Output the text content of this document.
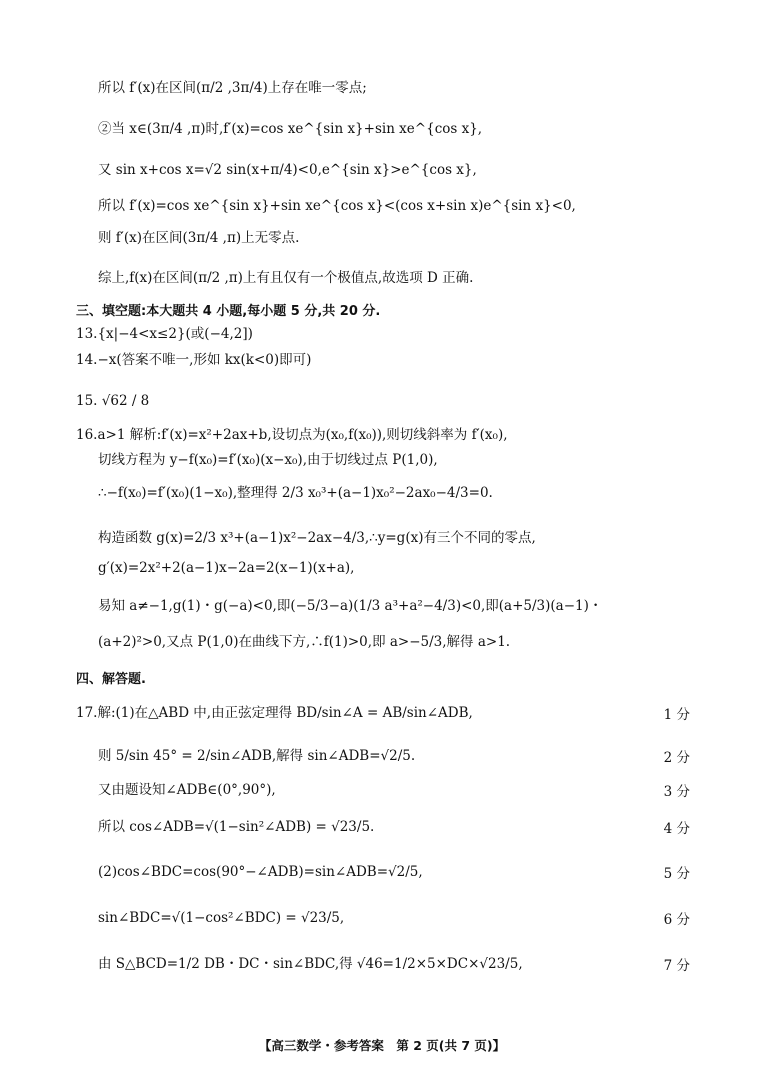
所以 f′(x)在区间(π/2 ,3π/4)上存在唯一零点;
②当 x∈(3π/4 ,π)时,f′(x)=cos xe^{sin x}+sin xe^{cos x},
又 sin x+cos x=√2 sin(x+π/4)<0,e^{sin x}>e^{cos x},
所以 f′(x)=cos xe^{sin x}+sin xe^{cos x}<(cos x+sin x)e^{sin x}<0,
则 f′(x)在区间(3π/4 ,π)上无零点.
综上,f(x)在区间(π/2 ,π)上有且仅有一个极值点,故选项 D 正确.
三、填空题:本大题共 4 小题,每小题 5 分,共 20 分.
13.{x|−4<x≤2}(或(−4,2])
14.−x(答案不唯一,形如 kx(k<0)即可)
15. √62 / 8
16.a>1 解析:f′(x)=x²+2ax+b,设切点为(x₀,f(x₀)),则切线斜率为 f′(x₀),
切线方程为 y−f(x₀)=f′(x₀)(x−x₀),由于切线过点 P(1,0),
∴−f(x₀)=f′(x₀)(1−x₀),整理得 2/3 x₀³+(a−1)x₀²−2ax₀−4/3=0.
构造函数 g(x)=2/3 x³+(a−1)x²−2ax−4/3,∴y=g(x)有三个不同的零点,
g′(x)=2x²+2(a−1)x−2a=2(x−1)(x+a),
易知 a≠−1,g(1)・g(−a)<0,即(−5/3−a)(1/3 a³+a²−4/3)<0,即(a+5/3)(a−1)・
(a+2)²>0,又点 P(1,0)在曲线下方,∴f(1)>0,即 a>−5/3,解得 a>1.
四、解答题.
17.解:(1)在△ABD 中,由正弦定理得 BD/sin∠A = AB/sin∠ADB,	1 分
则 5/sin 45° = 2/sin∠ADB,解得 sin∠ADB=√2/5.	2 分
又由题设知∠ADB∈(0°,90°),	3 分
所以 cos∠ADB=√(1−sin²∠ADB) = √23/5.	4 分
(2)cos∠BDC=cos(90°−∠ADB)=sin∠ADB=√2/5,	5 分
sin∠BDC=√(1−cos²∠BDC) = √23/5,	6 分
由 S△BCD=1/2 DB・DC・sin∠BDC,得 √46=1/2×5×DC×√23/5,	7 分
【高三数学・参考答案　第 2 页(共 7 页)】
